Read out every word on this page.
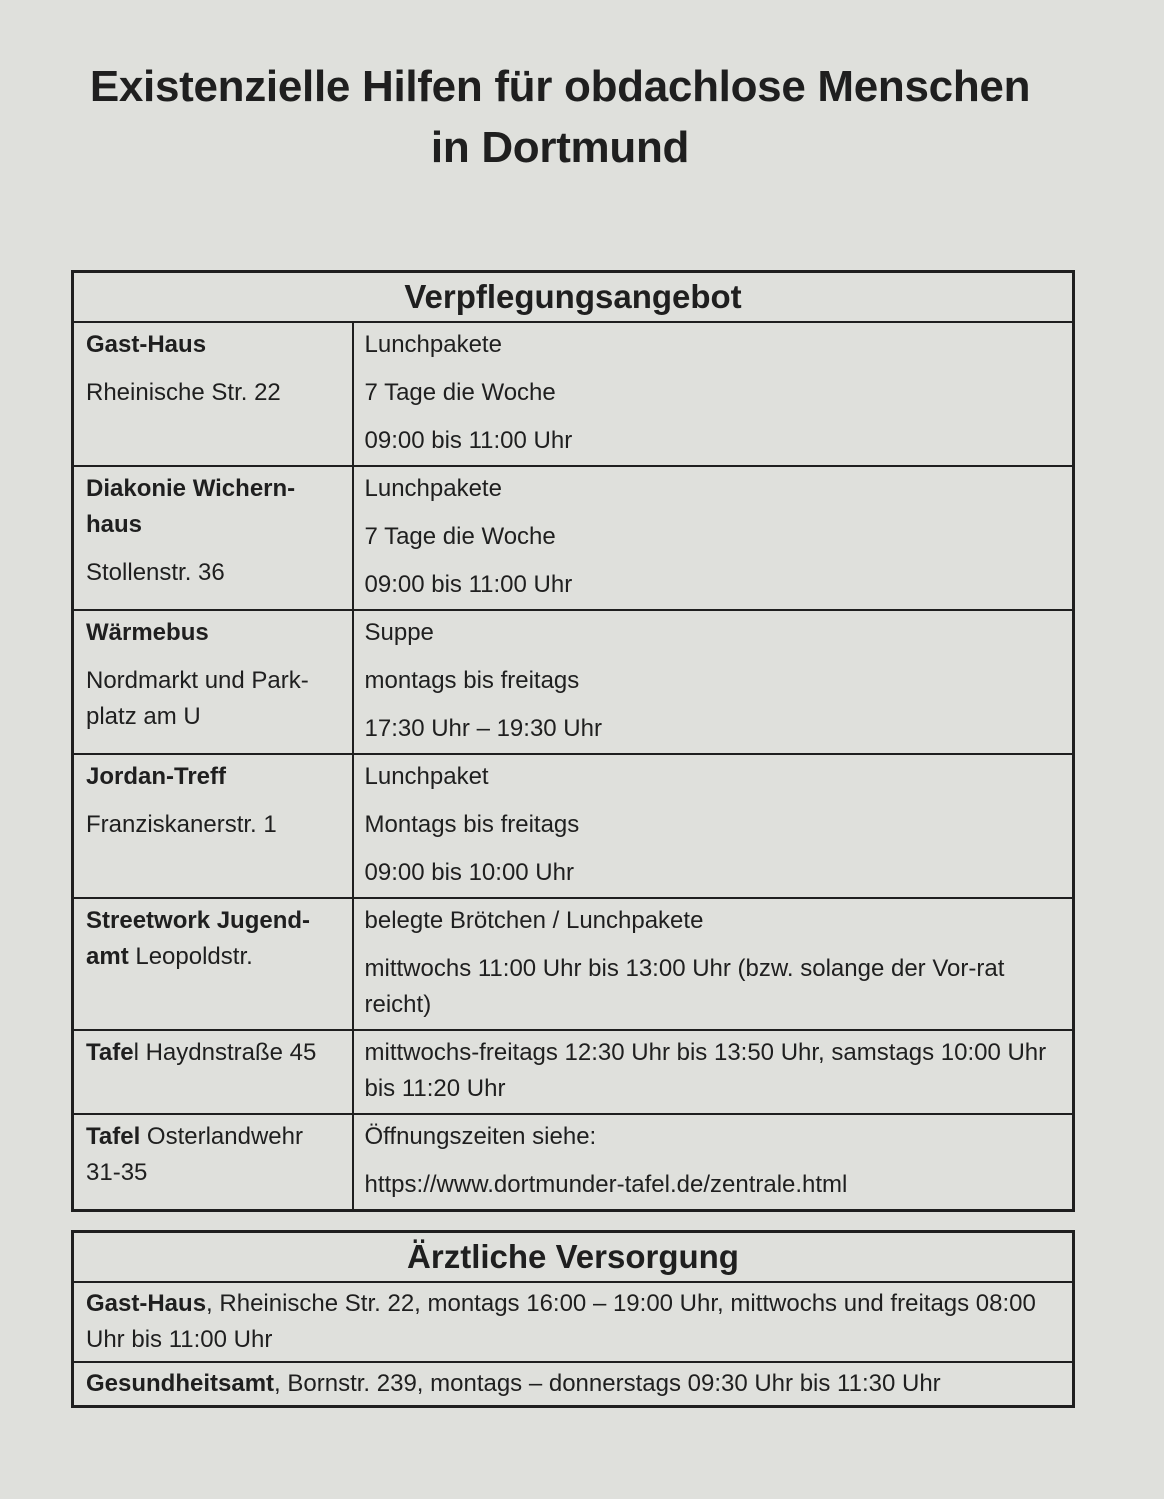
Existenzielle Hilfen für obdachlose Menschen
in Dortmund
Verpflegungsangebot	

Gast-Haus
Rheinische Str. 22	Lunchpakete
7 Tage die Woche
09:00 bis 11:00 Uhr

Diakonie Wichern-haus
Stollenstr. 36	Lunchpakete
7 Tage die Woche
09:00 bis 11:00 Uhr

Wärmebus
Nordmarkt und Park-platz am U	Suppe
montags bis freitags
17:30 Uhr – 19:30 Uhr

Jordan-Treff
Franziskanerstr. 1	Lunchpaket
Montags bis freitags
09:00 bis 10:00 Uhr

Streetwork Jugend-amt Leopoldstr.	belegte Brötchen / Lunchpakete
mittwochs 11:00 Uhr bis 13:00 Uhr (bzw. solange der Vor-rat reicht)

Tafel Haydnstraße 45	mittwochs-freitags 12:30 Uhr bis 13:50 Uhr, samstags 10:00 Uhr bis 11:20 Uhr
Tafel Osterlandwehr 31-35	Öffnungszeiten siehe:
https://www.dortmunder-tafel.de/zentrale.html
Ärztliche Versorgung
Gast-Haus, Rheinische Str. 22, montags 16:00 – 19:00 Uhr, mittwochs und freitags 08:00 Uhr bis 11:00 Uhr
Gesundheitsamt, Bornstr. 239, montags – donnerstags 09:30 Uhr bis 11:30 Uhr
